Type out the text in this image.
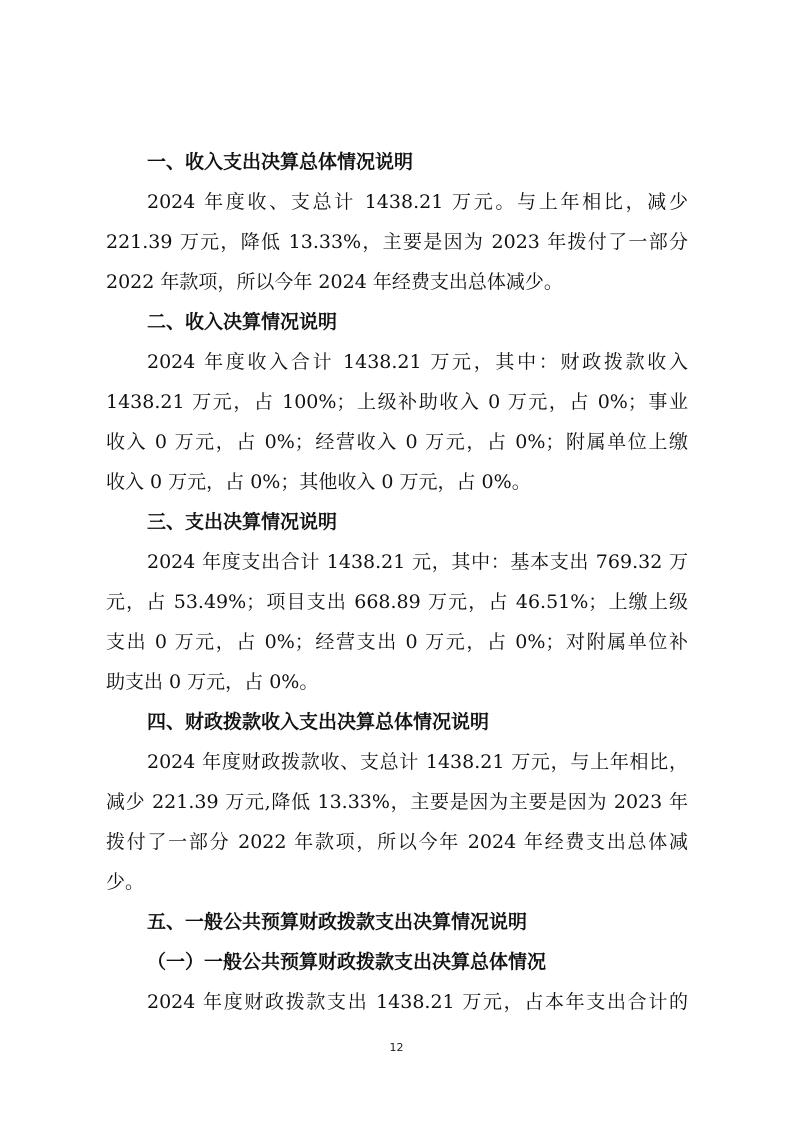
一、收入支出决算总体情况说明

2024 年度收、支总计 1438.21 万元。与上年相比，减少
221.39 万元，降低 13.33%，主要是因为 2023 年拨付了一部分
2022 年款项，所以今年 2024 年经费支出总体减少。

二、收入决算情况说明

2024 年度收入合计 1438.21 万元，其中：财政拨款收入
1438.21 万元，占 100%；上级补助收入 0 万元，占 0%；事业
收入 0 万元，占 0%；经营收入 0 万元，占 0%；附属单位上缴
收入 0 万元，占 0%；其他收入 0 万元，占 0%。

三、支出决算情况说明

2024 年度支出合计 1438.21 元，其中：基本支出 769.32 万
元，占 53.49%；项目支出 668.89 万元，占 46.51%；上缴上级
支出 0 万元，占 0%；经营支出 0 万元，占 0%；对附属单位补
助支出 0 万元，占 0%。

四、财政拨款收入支出决算总体情况说明

2024 年度财政拨款收、支总计 1438.21 万元，与上年相比，
减少 221.39 万元,降低 13.33%，主要是因为主要是因为 2023 年
拨付了一部分 2022 年款项，所以今年 2024 年经费支出总体减
少。

五、一般公共预算财政拨款支出决算情况说明
（一）一般公共预算财政拨款支出决算总体情况

2024 年度财政拨款支出 1438.21 万元，占本年支出合计的

12
